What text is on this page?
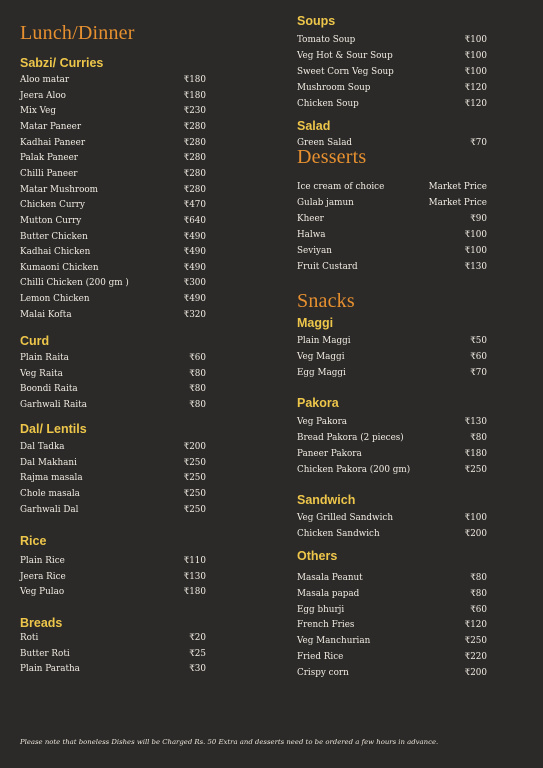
Lunch/Dinner
Sabzi/ Curries
Aloo matar	₹180
Jeera Aloo	₹180
Mix Veg	₹230
Matar Paneer	₹280
Kadhai Paneer	₹280
Palak Paneer	₹280
Chilli Paneer	₹280
Matar Mushroom	₹280
Chicken Curry	₹470
Mutton Curry	₹640
Butter Chicken	₹490
Kadhai Chicken	₹490
Kumaoni Chicken	₹490
Chilli Chicken (200 gm )	₹300
Lemon Chicken	₹490
Malai Kofta	₹320
Curd
Plain Raita	₹60
Veg Raita	₹80
Boondi Raita	₹80
Garhwali Raita	₹80
Dal/ Lentils
Dal Tadka	₹200
Dal Makhani	₹250
Rajma masala	₹250
Chole masala	₹250
Garhwali Dal	₹250
Rice
Plain Rice	₹110
Jeera Rice	₹130
Veg Pulao	₹180
Breads
Roti	₹20
Butter Roti	₹25
Plain Paratha	₹30
Soups
Tomato Soup	₹100
Veg Hot & Sour Soup	₹100
Sweet Corn Veg Soup	₹100
Mushroom Soup	₹120
Chicken Soup	₹120
Salad
Green Salad	₹70
Desserts
Ice cream of choice	Market Price
Gulab jamun	Market Price
Kheer	₹90
Halwa	₹100
Seviyan	₹100
Fruit Custard	₹130
Snacks
Maggi
Plain Maggi	₹50
Veg Maggi	₹60
Egg Maggi	₹70
Pakora
Veg Pakora	₹130
Bread Pakora (2 pieces)	₹80
Paneer Pakora	₹180
Chicken Pakora (200 gm)	₹250
Sandwich
Veg Grilled Sandwich	₹100
Chicken Sandwich	₹200
Others
Masala Peanut	₹80
Masala papad	₹80
Egg bhurji	₹60
French Fries	₹120
Veg Manchurian	₹250
Fried Rice	₹220
Crispy corn	₹200
Please note that boneless Dishes will be Charged Rs. 50 Extra and desserts need to be ordered a few hours in advance.
